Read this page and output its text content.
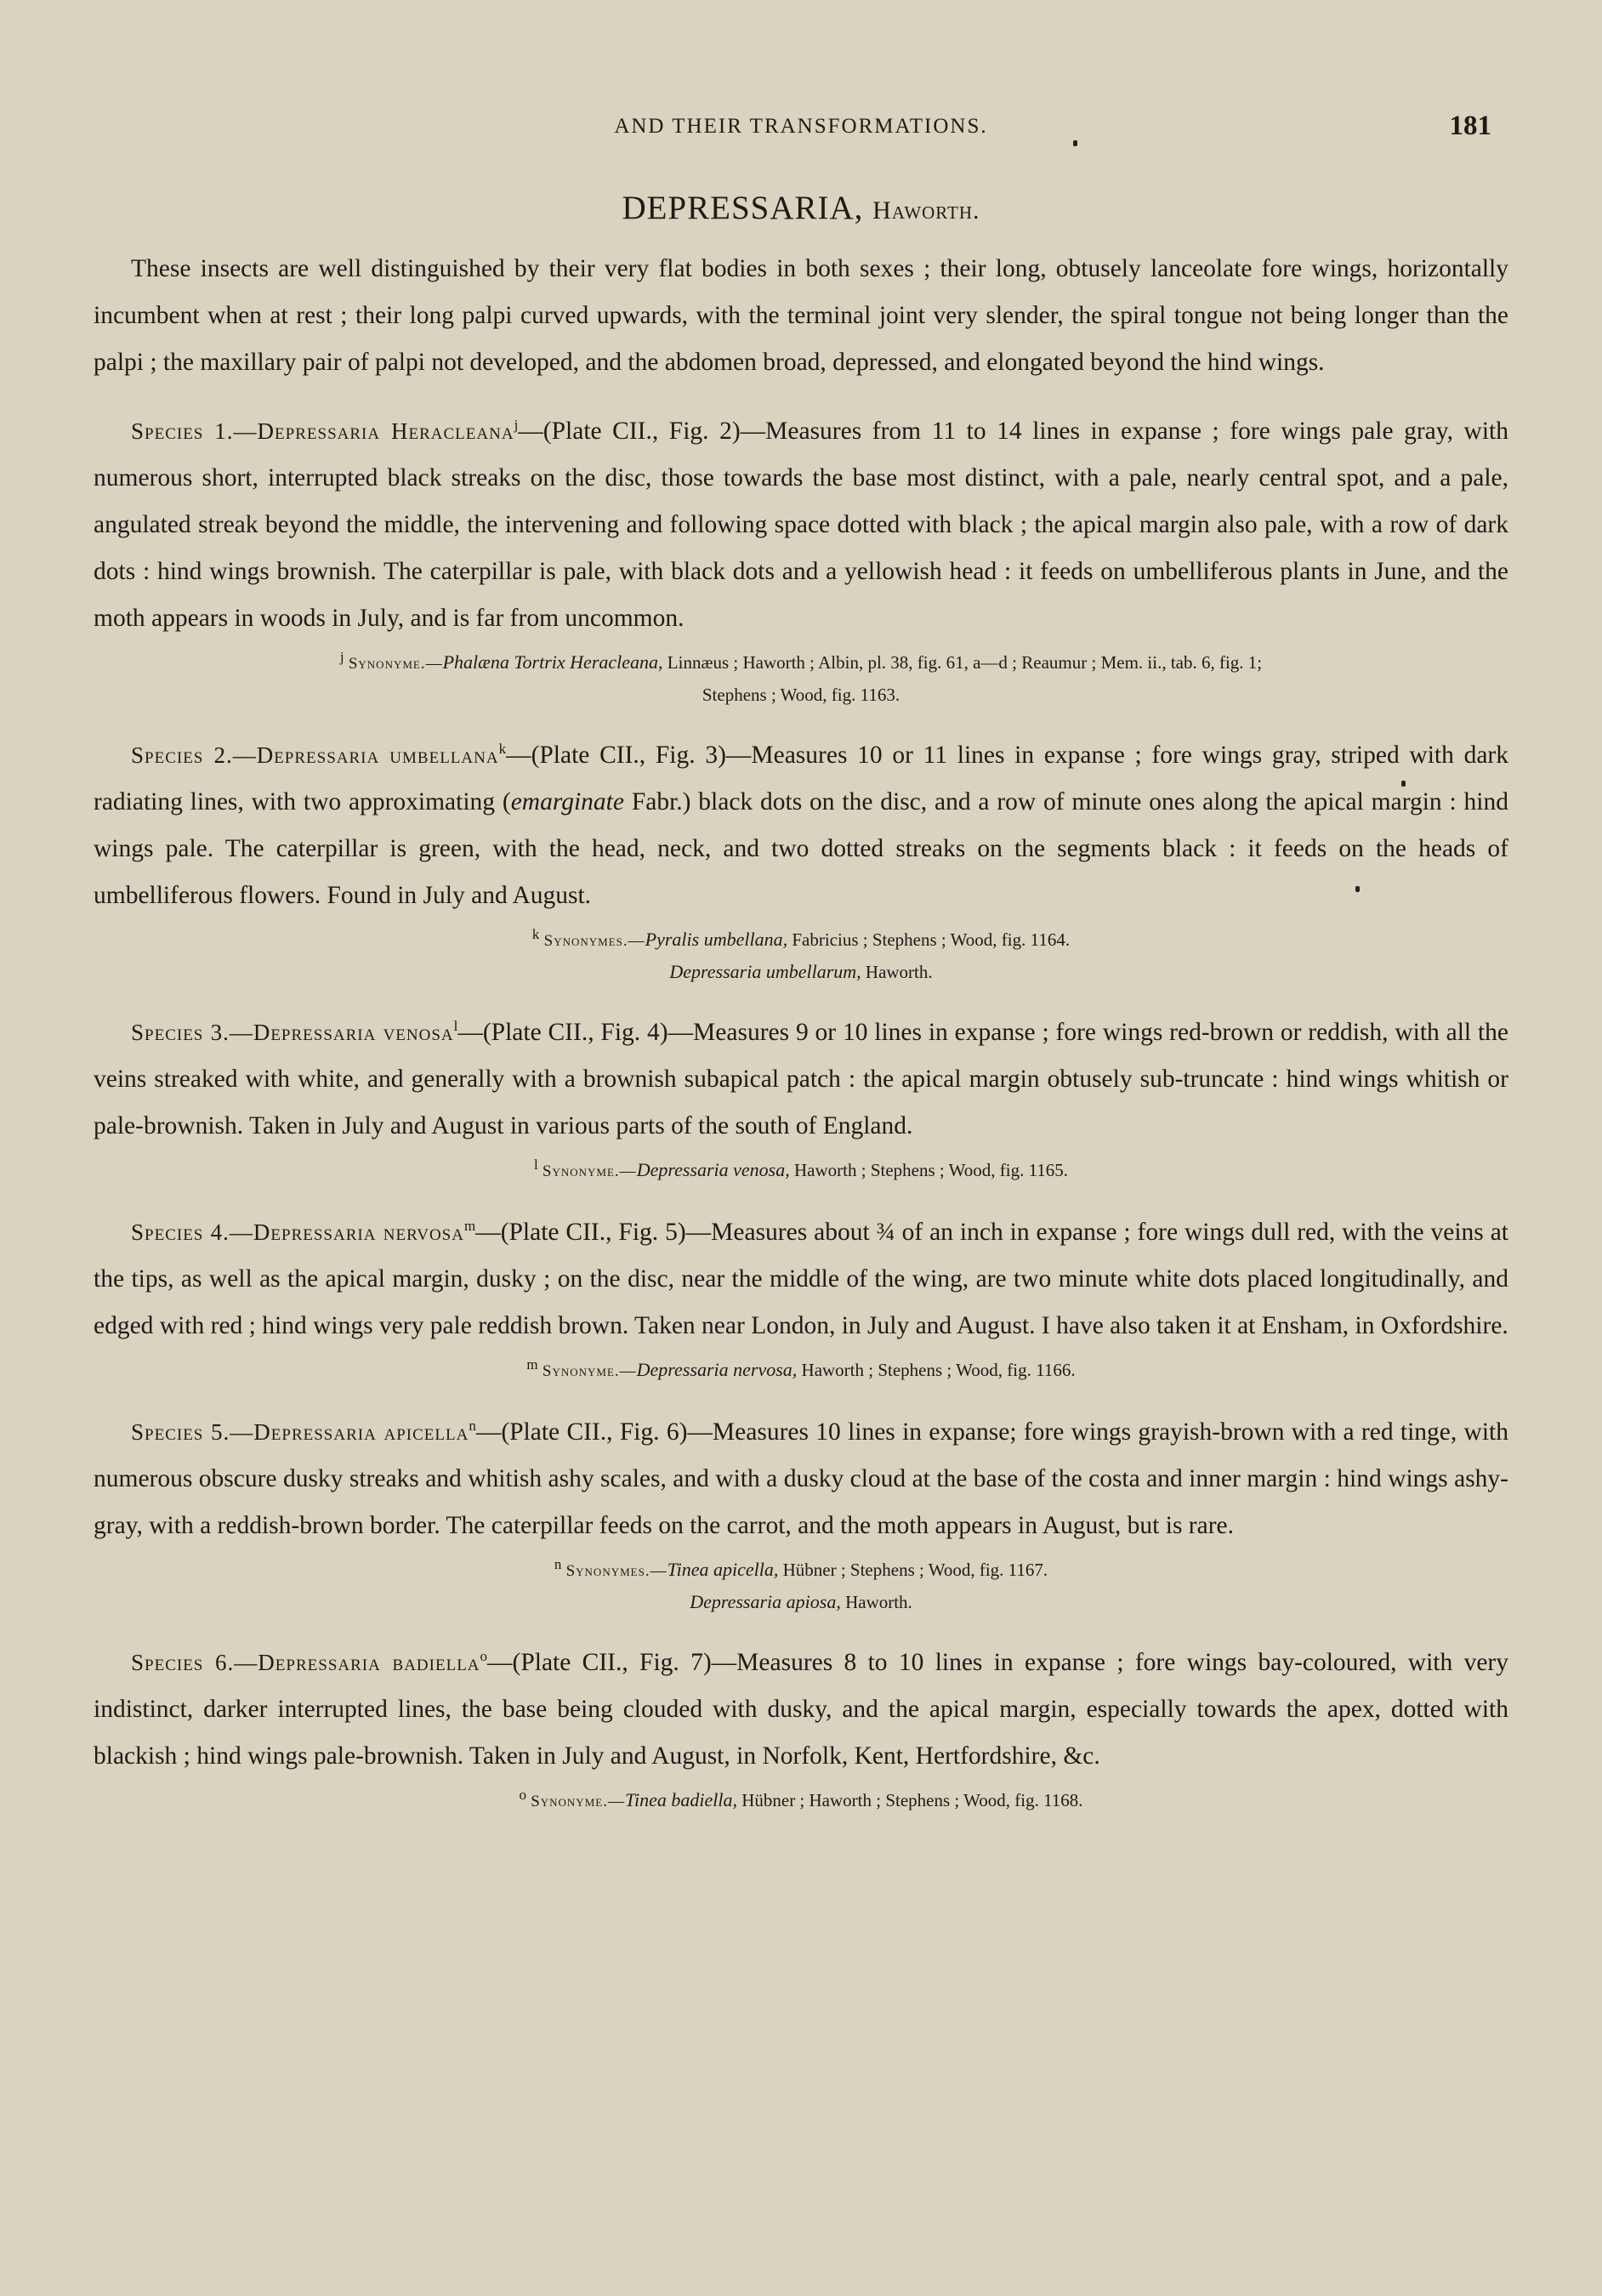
AND THEIR TRANSFORMATIONS.	181
DEPRESSARIA, Haworth.

These insects are well distinguished by their very flat bodies in both sexes ; their long, obtusely lanceolate fore wings, horizontally incumbent when at rest ; their long palpi curved upwards, with the terminal joint very slender, the spiral tongue not being longer than the palpi ; the maxillary pair of palpi not developed, and the abdomen broad, depressed, and elongated beyond the hind wings.

Species 1.—Depressaria Heracleana$^j$—(Plate CII., Fig. 2)—Measures from 11 to 14 lines in expanse ; fore wings pale gray, with numerous short, interrupted black streaks on the disc, those towards the base most distinct, with a pale, nearly central spot, and a pale, angulated streak beyond the middle, the intervening and following space dotted with black ; the apical margin also pale, with a row of dark dots : hind wings brownish. The caterpillar is pale, with black dots and a yellowish head : it feeds on umbelliferous plants in June, and the moth appears in woods in July, and is far from uncommon.

$^j$ Synonyme.—Phalæna Tortrix Heracleana, Linnæus ; Haworth ; Albin, pl. 38, fig. 61, a—d ; Reaumur ; Mem. ii., tab. 6, fig. 1;
Stephens ; Wood, fig. 1163.

Species 2.—Depressaria umbellana$^k$—(Plate CII., Fig. 3)—Measures 10 or 11 lines in expanse ; fore wings gray, striped with dark radiating lines, with two approximating (emarginate Fabr.) black dots on the disc, and a row of minute ones along the apical margin : hind wings pale. The caterpillar is green, with the head, neck, and two dotted streaks on the segments black : it feeds on the heads of umbelliferous flowers. Found in July and August.

$^k$ Synonymes.—Pyralis umbellana, Fabricius ; Stephens ; Wood, fig. 1164.
Depressaria umbellarum, Haworth.

Species 3.—Depressaria venosa$^l$—(Plate CII., Fig. 4)—Measures 9 or 10 lines in expanse ; fore wings red-brown or reddish, with all the veins streaked with white, and generally with a brownish subapical patch : the apical margin obtusely sub-truncate : hind wings whitish or pale-brownish. Taken in July and August in various parts of the south of England.

$^l$ Synonyme.—Depressaria venosa, Haworth ; Stephens ; Wood, fig. 1165.

Species 4.—Depressaria nervosa$^m$—(Plate CII., Fig. 5)—Measures about ¾ of an inch in expanse ; fore wings dull red, with the veins at the tips, as well as the apical margin, dusky ; on the disc, near the middle of the wing, are two minute white dots placed longitudinally, and edged with red ; hind wings very pale reddish brown. Taken near London, in July and August. I have also taken it at Ensham, in Oxfordshire.

$^m$ Synonyme.—Depressaria nervosa, Haworth ; Stephens ; Wood, fig. 1166.

Species 5.—Depressaria apicella$^n$—(Plate CII., Fig. 6)—Measures 10 lines in expanse; fore wings grayish-brown with a red tinge, with numerous obscure dusky streaks and whitish ashy scales, and with a dusky cloud at the base of the costa and inner margin : hind wings ashy-gray, with a reddish-brown border. The caterpillar feeds on the carrot, and the moth appears in August, but is rare.

$^n$ Synonymes.—Tinea apicella, Hübner ; Stephens ; Wood, fig. 1167.
Depressaria apiosa, Haworth.

Species 6.—Depressaria badiella$^o$—(Plate CII., Fig. 7)—Measures 8 to 10 lines in expanse ; fore wings bay-coloured, with very indistinct, darker interrupted lines, the base being clouded with dusky, and the apical margin, especially towards the apex, dotted with blackish ; hind wings pale-brownish. Taken in July and August, in Norfolk, Kent, Hertfordshire, &c.

$^o$ Synonyme.—Tinea badiella, Hübner ; Haworth ; Stephens ; Wood, fig. 1168.
